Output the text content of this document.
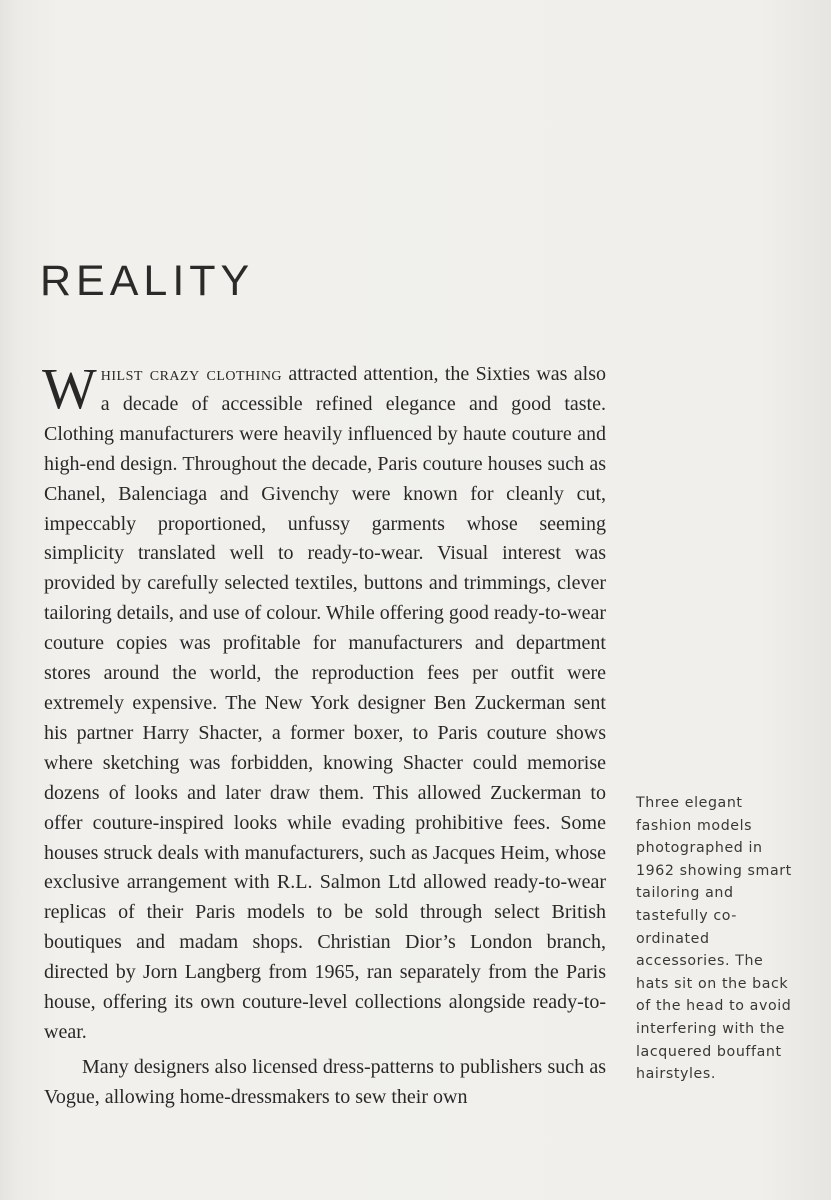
REALITY

Whilst crazy clothing attracted attention, the Sixties was also a decade of accessible refined elegance and good taste. Clothing manufacturers were heavily influenced by haute couture and high-end design. Throughout the decade, Paris couture houses such as Chanel, Balenciaga and Givenchy were known for cleanly cut, impeccably proportioned, unfussy garments whose seeming simplicity translated well to ready-to-wear. Visual interest was provided by carefully selected textiles, buttons and trimmings, clever tailoring details, and use of colour. While offering good ready-to-wear couture copies was profitable for manufacturers and department stores around the world, the reproduction fees per outfit were extremely expensive. The New York designer Ben Zuckerman sent his partner Harry Shacter, a former boxer, to Paris couture shows where sketching was forbidden, knowing Shacter could memorise dozens of looks and later draw them. This allowed Zuckerman to offer couture-inspired looks while evading prohibitive fees. Some houses struck deals with manufacturers, such as Jacques Heim, whose exclusive arrangement with R.L. Salmon Ltd allowed ready-to-wear replicas of their Paris models to be sold through select British boutiques and madam shops. Christian Dior’s London branch, directed by Jorn Langberg from 1965, ran separately from the Paris house, offering its own couture-level collections alongside ready-to-wear.

Many designers also licensed dress-patterns to publishers such as Vogue, allowing home-dressmakers to sew their own

Three elegant fashion models photographed in 1962 showing smart tailoring and tastefully co-ordinated accessories. The hats sit on the back of the head to avoid interfering with the lacquered bouffant hairstyles.
